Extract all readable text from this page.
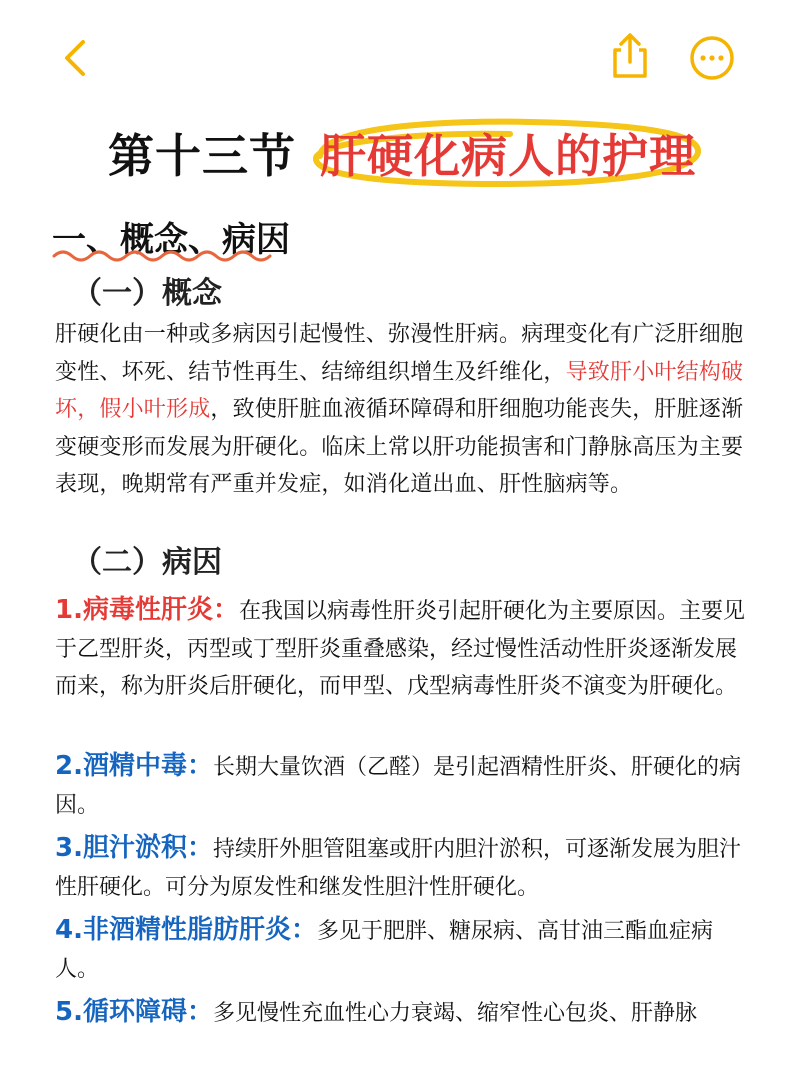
第十三节 肝硬化病人的护理
一、概念、病因
（一）概念
肝硬化由一种或多病因引起慢性、弥漫性肝病。病理变化有广泛肝细胞变性、坏死、结节性再生、结缔组织增生及纤维化，导致肝小叶结构破坏，假小叶形成，致使肝脏血液循环障碍和肝细胞功能丧失，肝脏逐渐变硬变形而发展为肝硬化。临床上常以肝功能损害和门静脉高压为主要表现，晚期常有严重并发症，如消化道出血、肝性脑病等。
（二）病因
1.病毒性肝炎：在我国以病毒性肝炎引起肝硬化为主要原因。主要见于乙型肝炎，丙型或丁型肝炎重叠感染，经过慢性活动性肝炎逐渐发展而来，称为肝炎后肝硬化，而甲型、戊型病毒性肝炎不演变为肝硬化。
2.酒精中毒：长期大量饮酒（乙醛）是引起酒精性肝炎、肝硬化的病因。
3.胆汁淤积：持续肝外胆管阻塞或肝内胆汁淤积，可逐渐发展为胆汁性肝硬化。可分为原发性和继发性胆汁性肝硬化。
4.非酒精性脂肪肝炎：多见于肥胖、糖尿病、高甘油三酯血症病人。
5.循环障碍：多见慢性充血性心力衰竭、缩窄性心包炎、肝静脉
